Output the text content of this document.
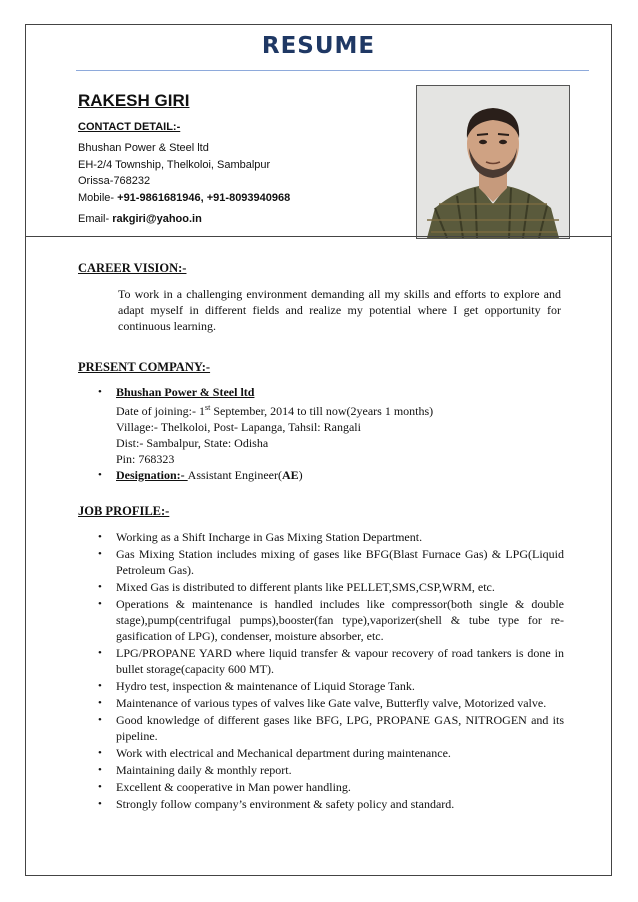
RESUME
RAKESH GIRI
CONTACT DETAIL:-
Bhushan Power & Steel ltd
EH-2/4 Township, Thelkoloi, Sambalpur
Orissa-768232
Mobile- +91-9861681946, +91-8093940968
Email- rakgiri@yahoo.in
CAREER VISION:-
To work in a challenging environment demanding all my skills and efforts to explore and adapt myself in different fields and realize my potential where I get opportunity for continuous learning.
PRESENT COMPANY:-
• Bhushan Power & Steel ltd
Date of joining:- 1st September, 2014 to till now(2years 1 months)
Village:- Thelkoloi, Post- Lapanga, Tahsil: Rangali
Dist:- Sambalpur, State: Odisha
Pin: 768323
• Designation:- Assistant Engineer(AE)
JOB PROFILE:-
• Working as a Shift Incharge in Gas Mixing Station Department.
• Gas Mixing Station includes mixing of gases like BFG(Blast Furnace Gas) & LPG(Liquid Petroleum Gas).
• Mixed Gas is distributed to different plants like PELLET,SMS,CSP,WRM, etc.
• Operations & maintenance is handled includes like compressor(both single & double stage),pump(centrifugal pumps),booster(fan type),vaporizer(shell & tube type for re-gasification of LPG), condenser, moisture absorber, etc.
• LPG/PROPANE YARD where liquid transfer & vapour recovery of road tankers is done in bullet storage(capacity 600 MT).
• Hydro test, inspection & maintenance of Liquid Storage Tank.
• Maintenance of various types of valves like Gate valve, Butterfly valve, Motorized valve.
• Good knowledge of different gases like BFG, LPG, PROPANE GAS, NITROGEN and its pipeline.
• Work with electrical and Mechanical department during maintenance.
• Maintaining daily & monthly report.
• Excellent & cooperative in Man power handling.
• Strongly follow company’s environment & safety policy and standard.
